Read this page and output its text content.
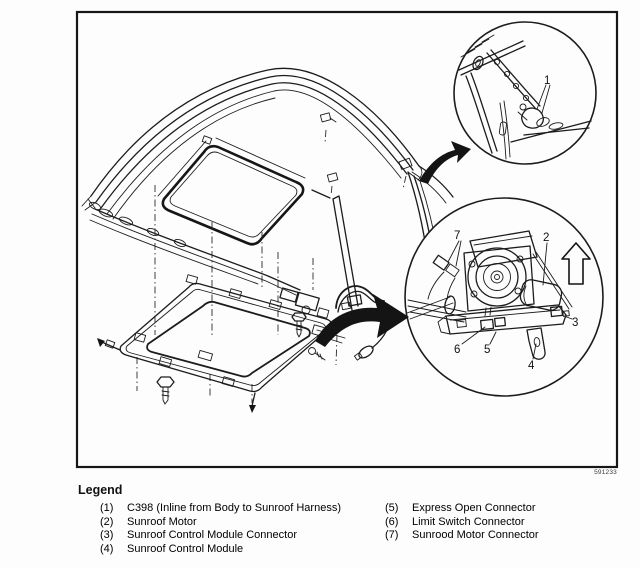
1
7	2
3
6 5
4
591233
Legend
(1)	C398 (Inline from Body to Sunroof Harness)
(2)	Sunroof Motor
(3)	Sunroof Control Module Connector
(4)	Sunroof Control Module
(5)	Express Open Connector
(6)	Limit Switch Connector
(7)	Sunrood Motor Connector
